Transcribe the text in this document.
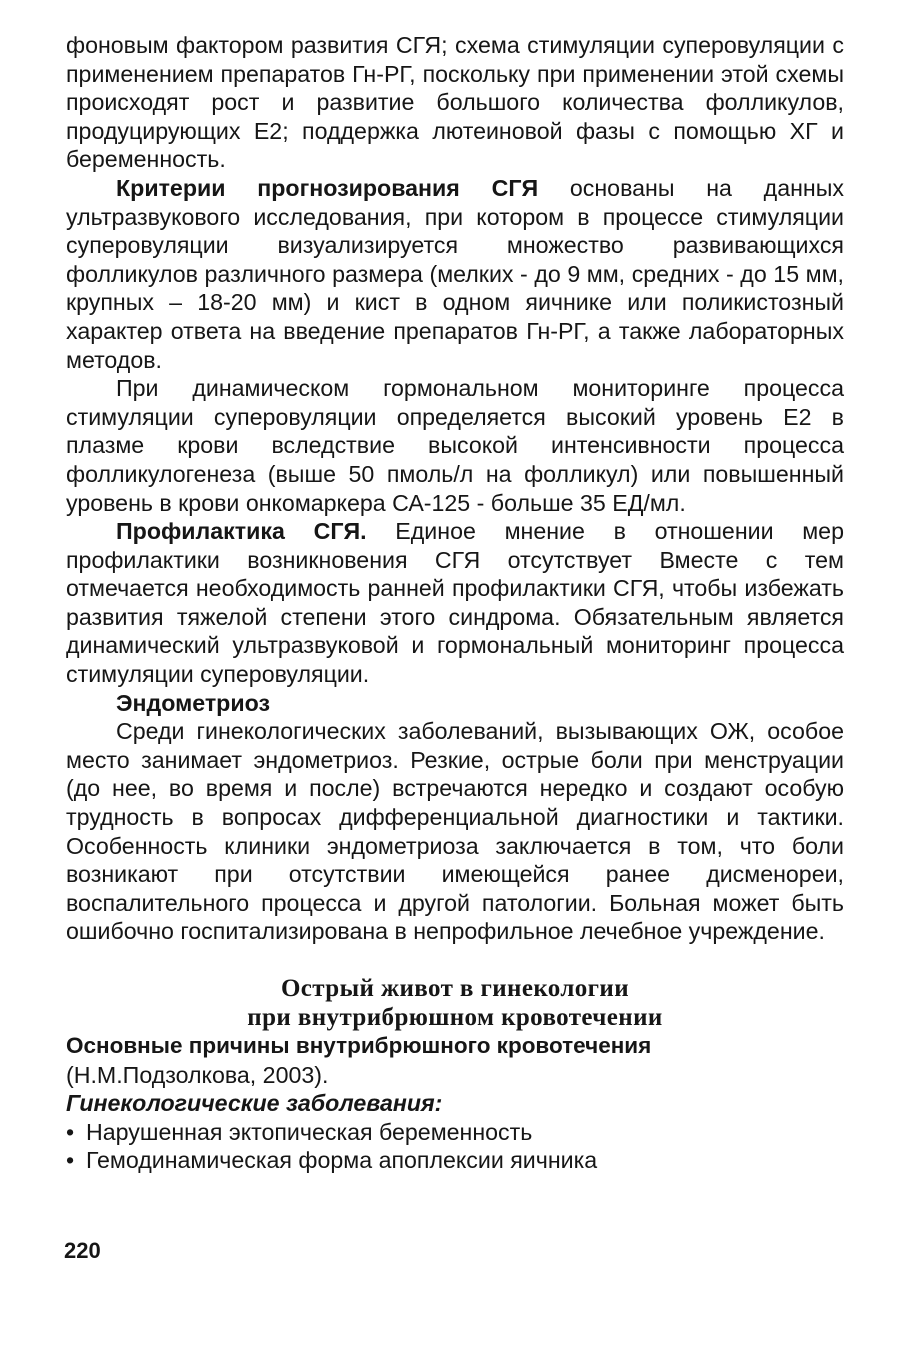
фоновым фактором развития СГЯ; схема стимуляции суперовуляции с применением препаратов Гн-РГ, поскольку при применении этой схемы происходят рост и развитие большого количества фолликулов, продуцирующих Е2; поддержка лютеиновой фазы с помощью ХГ и беременность.

Критерии прогнозирования СГЯ основаны на данных ультразвукового исследования, при котором в процессе стимуляции суперовуляции визуализируется множество развивающихся фолликулов различного размера (мелких - до 9 мм, средних - до 15 мм, крупных – 18-20 мм) и кист в одном яичнике или поликистозный характер ответа на введение препаратов Гн-РГ, а также лабораторных методов.

При динамическом гормональном мониторинге процесса стимуляции суперовуляции определяется высокий уровень Е2 в плазме крови вследствие высокой интенсивности процесса фолликулогенеза (выше 50 пмоль/л на фолликул) или повышенный уровень в крови онкомаркера СА-125 - больше 35 ЕД/мл.

Профилактика СГЯ. Единое мнение в отношении мер профилактики возникновения СГЯ отсутствует Вместе с тем отмечается необходимость ранней профилактики СГЯ, чтобы избежать развития тяжелой степени этого синдрома. Обязательным является динамический ультразвуковой и гормональный мониторинг процесса стимуляции суперовуляции.

Эндометриоз

Среди гинекологических заболеваний, вызывающих ОЖ, особое место занимает эндометриоз. Резкие, острые боли при менструации (до нее, во время и после) встречаются нередко и создают особую трудность в вопросах дифференциальной диагностики и тактики. Особенность клиники эндометриоза заключается в том, что боли возникают при отсутствии имеющейся ранее дисменореи, воспалительного процесса и другой патологии. Больная может быть ошибочно госпитализирована в непрофильное лечебное учреждение.

Острый живот в гинекологии

при внутрибрюшном кровотечении

Основные причины внутрибрюшного кровотечения

(Н.М.Подзолкова, 2003).

Гинекологические заболевания:

• Нарушенная эктопическая беременность
• Гемодинамическая форма апоплексии яичника
220
